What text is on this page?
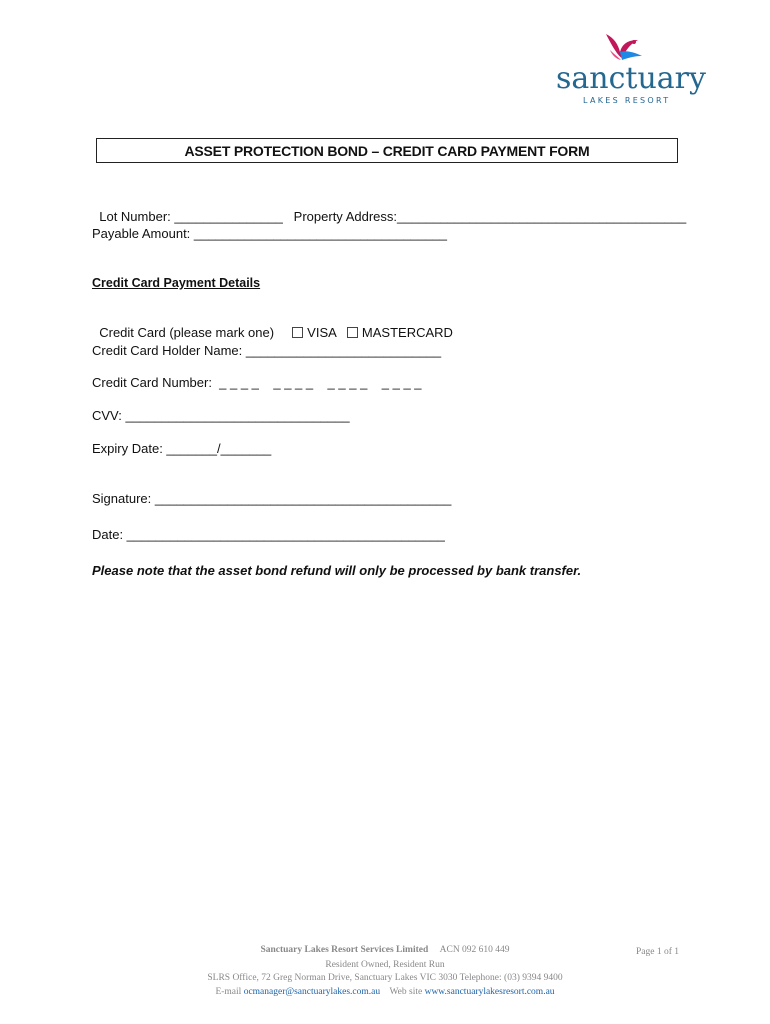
sanctuary
LAKES RESORT
ASSET PROTECTION BOND – CREDIT CARD PAYMENT FORM

Lot Number: _______________ Property Address:________________________________________

Payable Amount: ___________________________________
Credit Card Payment Details

Credit Card (please mark one)	VISA MASTERCARD

Credit Card Holder Name: ___________________________
Credit Card Number:  _ _ _ _    _ _ _ _    _ _ _ _    _ _ _ _
CVV: _______________________________
Expiry Date: _______/_______
Signature: _________________________________________
Date: ____________________________________________
Please note that the asset bond refund will only be processed by bank transfer.
Sanctuary Lakes Resort Services Limited ACN 092 610 449	Page 1 of 1
Resident Owned, Resident Run
SLRS Office, 72 Greg Norman Drive, Sanctuary Lakes VIC 3030 Telephone: (03) 9394 9400
E-mail ocmanager@sanctuarylakes.com.au Web site www.sanctuarylakesresort.com.au
